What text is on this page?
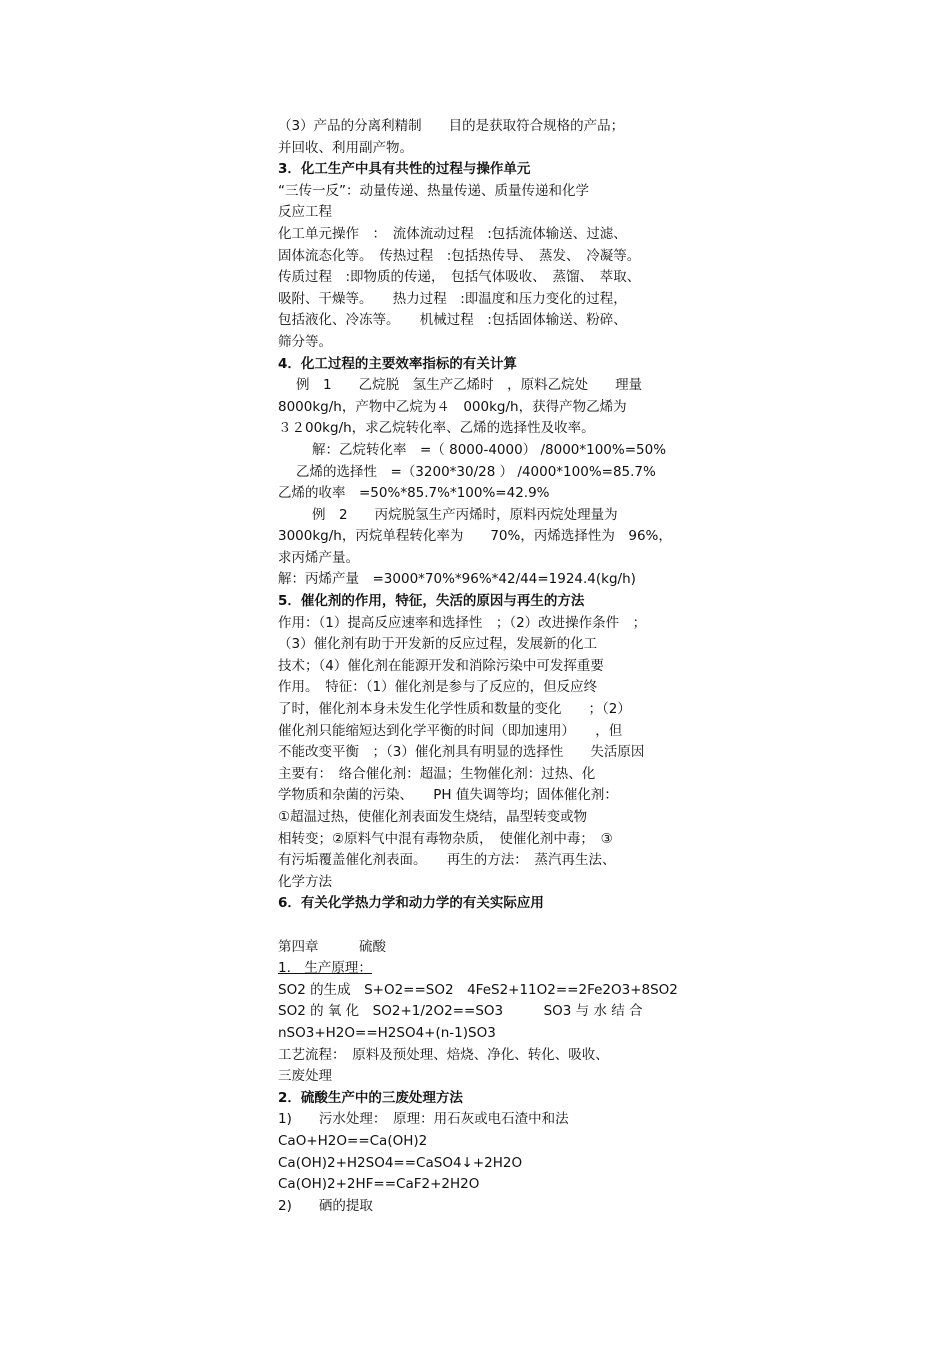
（3）产品的分离利精制　　目的是获取符合规格的产品；
并回收、利用副产物。
3．化工生产中具有共性的过程与操作单元
“三传一反”：动量传递、热量传递、质量传递和化学
反应工程
化工单元操作　：　流体流动过程　:包括流体输送、过滤、
固体流态化等。　传热过程　:包括热传导、　蒸发、　冷凝等。
传质过程　:即物质的传递，　包括气体吸收、　蒸馏、　萃取、
吸附、干燥等。　　热力过程　:即温度和压力变化的过程，
包括液化、冷冻等。　　机械过程　:包括固体输送、粉碎、
筛分等。
4．化工过程的主要效率指标的有关计算
例　1　　乙烷脱　氢生产乙烯时　，原料乙烷处　　理量
8000kg/h，产物中乙烷为４　000kg/h，获得产物乙烯为
３２00kg/h，求乙烷转化率、乙烯的选择性及收率。
解：乙烷转化率　=（ 8000-4000） /8000*100%=50%
乙烯的选择性　=（3200*30/28 ） /4000*100%=85.7%
乙烯的收率　=50%*85.7%*100%=42.9%
例　2　　丙烷脱氢生产丙烯时，原料丙烷处理量为
3000kg/h，丙烷单程转化率为　　70%，丙烯选择性为　96%，
求丙烯产量。
解：丙烯产量　=3000*70%*96%*42/44=1924.4(kg/h)
5．催化剂的作用，特征，失活的原因与再生的方法
作用：（1）提高反应速率和选择性　；（2）改进操作条件　；
（3）催化剂有助于开发新的反应过程，发展新的化工
技术；（4）催化剂在能源开发和消除污染中可发挥重要
作用。　特征：（1）催化剂是参与了反应的，但反应终
了时，催化剂本身未发生化学性质和数量的变化　　；（2）
催化剂只能缩短达到化学平衡的时间（即加速用）　　，但
不能改变平衡　；（3）催化剂具有明显的选择性　　失活原因
主要有：　络合催化剂：超温；生物催化剂：过热、化
学物质和杂菌的污染、　　PH 值失调等均；固体催化剂：
①超温过热，使催化剂表面发生烧结，晶型转变或物
相转变；②原料气中混有毒物杂质，　使催化剂中毒；　③
有污垢覆盖催化剂表面。　　再生的方法：　蒸汽再生法、
化学方法
6．有关化学热力学和动力学的有关实际应用
第四章　　　硫酸
1.　生产原理：
SO2 的生成　S+O2==SO2　4FeS2+11O2==2Fe2O3+8SO2
SO2 的 氧 化　SO2+1/2O2==SO3　　　SO3 与 水 结 合
nSO3+H2O==H2SO4+(n-1)SO3
工艺流程：　原料及预处理、焙烧、净化、转化、吸收、
三废处理
2．硫酸生产中的三废处理方法
1)　　污水处理：　原理：用石灰或电石渣中和法
CaO+H2O==Ca(OH)2
Ca(OH)2+H2SO4==CaSO4↓+2H2O
Ca(OH)2+2HF==CaF2+2H2O
2)　　硒的提取
